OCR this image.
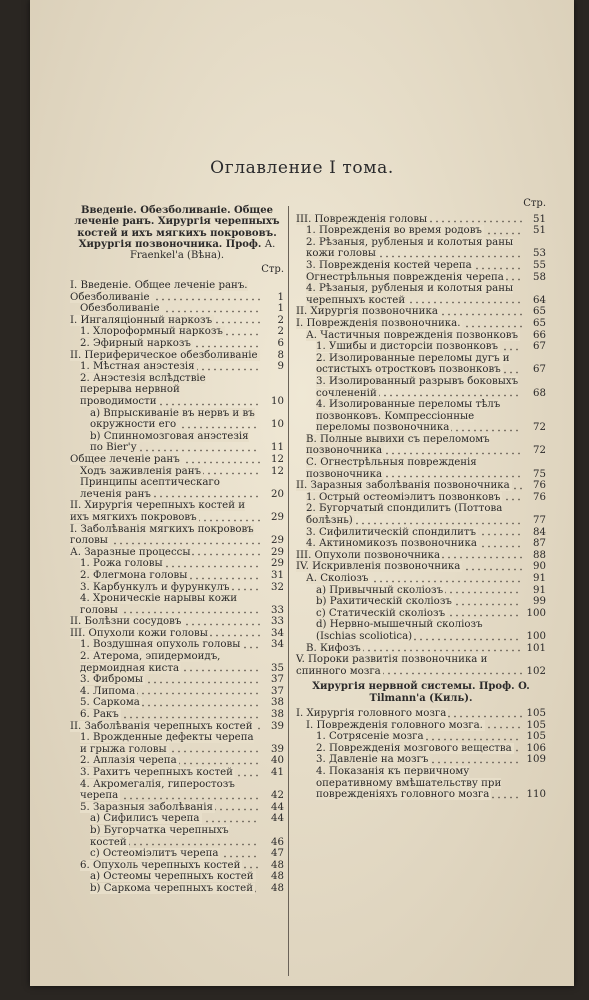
Оглавление I тома.
Введеніе. Обезболиваніе. Общее леченіе ранъ. Хирургія черепныхъ костей и ихъ мягкихъ покрововъ. Хирургія позвоночника. Проф. A. Fraenkel'a (Вѣна).
Стр.
I. Введеніе. Общее леченіе ранъ. Обезболиваніе	1
Обезболиваніе	1
I. Ингаляціонный наркозъ	2
1. Хлороформный наркозъ	2
2. Эфирный наркозъ	6
II. Периферическое обезболиваніе	8
1. Мѣстная анэстезія	9
2. Анэстезія вслѣдствіе перерыва нервной проводимости	10
a) Впрыскиваніе въ нервъ и въ окружности его	10
b) Спинномозговая анэстезія по Bier'у	11
Общее леченіе ранъ	12
Ходъ заживленія ранъ	12
Принципы асептическаго леченія ранъ	20
II. Хирургія черепныхъ костей и ихъ мягкихъ покрововъ	29
I. Заболѣванія мягкихъ покрововъ головы	29
А. Заразные процессы	29
1. Рожа головы	29
2. Флегмона головы	31
3. Карбункулъ и фурункулъ	32
4. Хроническіе нарывы кожи головы	33
II. Болѣзни сосудовъ	33
III. Опухоли кожи головы	34
1. Воздушная опухоль головы	34
2. Атерома, эпидермоидъ, дермоидная киста	35
3. Фибромы	37
4. Липома	37
5. Саркома	38
6. Ракъ	38
II. Заболѣванія черепныхъ костей	39
1. Врожденные дефекты черепа и грыжа головы	39
2. Аплазія черепа	40
3. Рахитъ черепныхъ костей	41
4. Акромегалія, гиперостозъ черепа	42
5. Заразныя заболѣванія	44
a) Сифилисъ черепа	44
b) Бугорчатка черепныхъ костей	46
c) Остеоміэлитъ черепа	47
6. Опухоль черепныхъ костей	48
a) Остеомы черепныхъ костей	48
b) Саркома черепныхъ костей	48
Стр.
III. Поврежденія головы	51
1. Поврежденія во время родовъ	51
2. Рѣзаныя, рубленыя и колотыя раны кожи головы	53
3. Поврежденія костей черепа	55
Огнестрѣльныя поврежденія черепа	58
4. Рѣзаныя, рубленыя и колотыя раны черепныхъ костей	64
II. Хирургія позвоночника	65
I. Поврежденія позвоночника.	65
А. Частичныя поврежденія позвонковъ	66
1. Ушибы и дисторсіи позвонковъ	67
2. Изолированные переломы дугъ и остистыхъ отростковъ позвонковъ	67
3. Изолированный разрывъ боковыхъ сочлененій	68
4. Изолированные переломы тѣлъ позвонковъ. Компрессіонные переломы позвоночника	72
В. Полные вывихи съ переломомъ позвоночника	72
С. Огнестрѣльныя поврежденія позвоночника	75
II. Заразныя заболѣванія позвоночника	76
1. Острый остеоміэлитъ позвонковъ	76
2. Бугорчатый спондилитъ (Поттова болѣзнь)	77
3. Сифилитическій спондилитъ	84
4. Актиномикозъ позвоночника	87
III. Опухоли позвоночника	88
IV. Искривленія позвоночника	90
А. Сколіозъ	91
a) Привычный сколіозъ	91
b) Рахитическій сколіозъ	99
c) Статическій сколіозъ	100
d) Нервно-мышечный сколіозъ (Ischias scoliotica)	100
В. Кифозъ	101
V. Пороки развитія позвоночника и спинного мозга	102
Хирургія нервной системы. Проф. O. Tilmann'a (Киль).
I. Хирургія головного мозга	105
I. Поврежденія головного мозга.	105
1. Сотрясеніе мозга	105
2. Поврежденія мозгового вещества	106
3. Давленіе на мозгъ	109
4. Показанія къ первичному оперативному вмѣшательству при поврежденіяхъ головного мозга	110
